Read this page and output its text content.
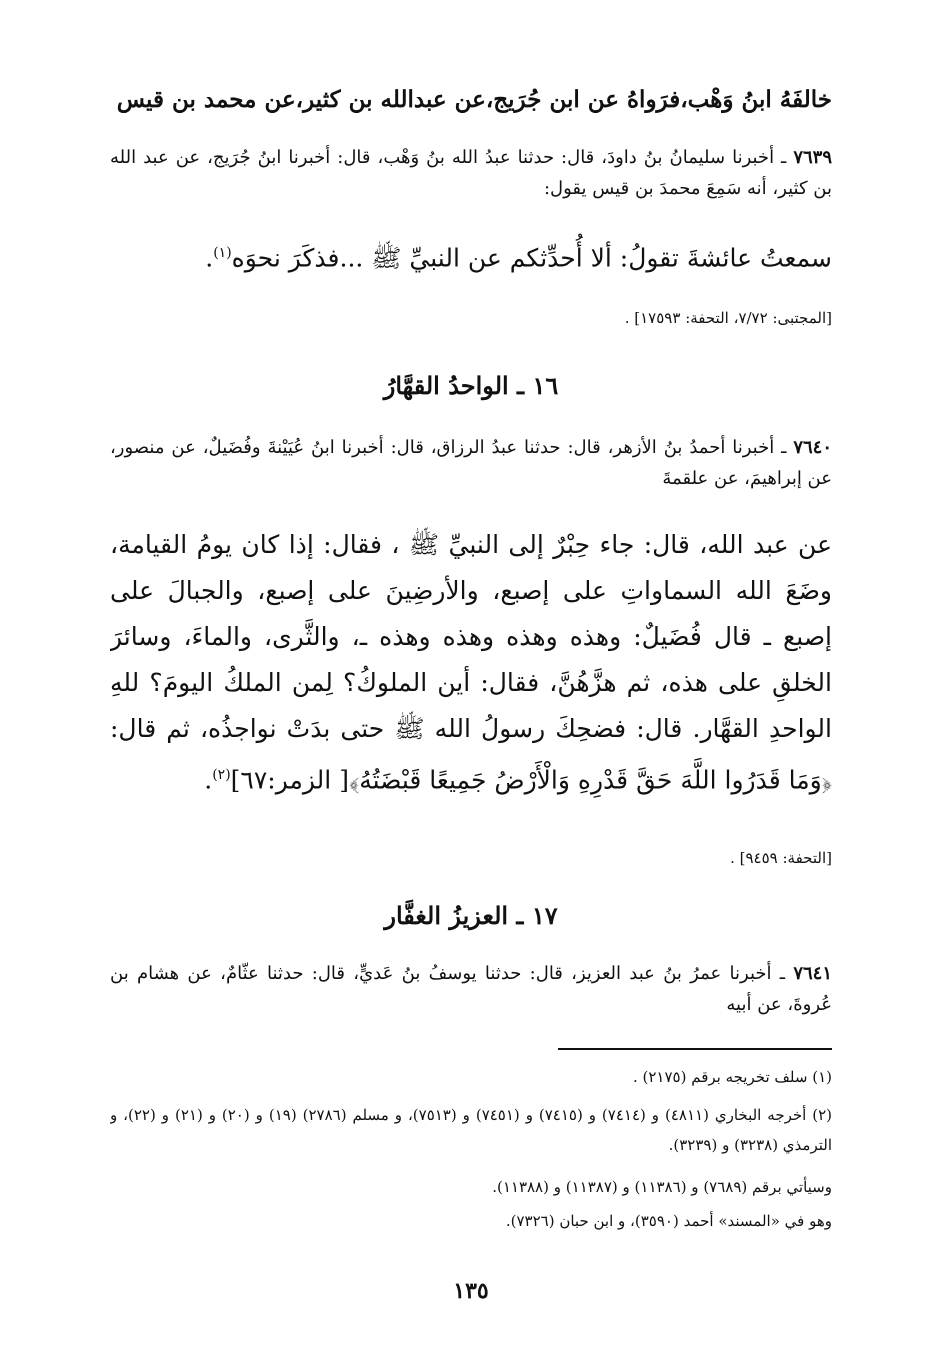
خالفَهُ ابنُ وَهْب،فرَواهُ عن ابن جُرَيج،عن عبدالله بن كثير،عن محمد بن قيس
٧٦٣٩ ـ أخبرنا سليمانُ بنُ داودَ، قال: حدثنا عبدُ الله بنُ وَهْب، قال: أخبرنا ابنُ جُرَيج، عن عبد الله بن كثير، أنه سَمِعَ محمدَ بن قيس يقول:
سمعتُ عائشةَ تقولُ: ألا أُحدِّثكم عن النبيِّ ﷺ ...فذكَرَ نحوَه$^{(١)}$.
[المجتبى: ٧/٧٢، التحفة: ١٧٥٩٣] .
١٦ ـ الواحدُ القهَّارُ
٧٦٤٠ ـ أخبرنا أحمدُ بنُ الأزهر، قال: حدثنا عبدُ الرزاق، قال: أخبرنا ابنُ عُيَيْنةَ وفُضَيلٌ، عن منصور، عن إبراهيمَ، عن علقمةَ
عن عبد الله، قال: جاء حِبْرٌ إلى النبيِّ ﷺ ، فقال: إذا كان يومُ القيامة، وضَعَ الله السماواتِ على إصبع، والأرضِينَ على إصبع، والجبالَ على إصبع ـ قال فُضَيلٌ: وهذه وهذه وهذه وهذه ـ، والثَّرى، والماءَ، وسائرَ الخلقِ على هذه، ثم هزَّهُنَّ، فقال: أين الملوكُ؟ لِمن الملكُ اليومَ؟ للهِ الواحدِ القهَّار. قال: فضحِكَ رسولُ الله ﷺ حتى بدَتْ نواجذُه، ثم قال: ﴿وَمَا قَدَرُوا اللَّهَ حَقَّ قَدْرِهِ وَالْأَرْضُ جَمِيعًا قَبْضَتُهُ﴾[ الزمر:٦٧]$^{(٢)}$.
[التحفة: ٩٤٥٩] .
١٧ ـ العزيزُ الغفَّار
٧٦٤١ ـ أخبرنا عمرُ بنُ عبد العزيز، قال: حدثنا يوسفُ بنُ عَديٍّ، قال: حدثنا عثّامٌ، عن هشام بن عُروةَ، عن أبيه
(١) سلف تخريجه برقم (٢١٧٥) .
(٢) أخرجه البخاري (٤٨١١) و (٧٤١٤) و (٧٤١٥) و (٧٤٥١) و (٧٥١٣)، و مسلم (٢٧٨٦) (١٩) و (٢٠) و (٢١) و (٢٢)، و الترمذي (٣٢٣٨) و (٣٢٣٩).
وسيأتي برقم (٧٦٨٩) و (١١٣٨٦) و (١١٣٨٧) و (١١٣٨٨).
وهو في «المسند» أحمد (٣٥٩٠)، و ابن حبان (٧٣٢٦).
١٣٥
